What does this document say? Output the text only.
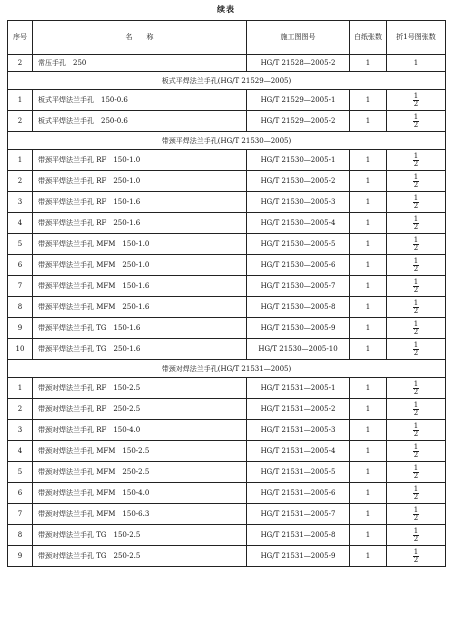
续表
序号	名　　称	施工图图号	白纸张数	折1号图张数
2	常压手孔　250	HG/T 21528—2005-2	1	1
板式平焊法兰手孔(HG/T 21529—2005)				
1	板式平焊法兰手孔　150-0.6	HG/T 21529—2005-1	1	$\frac{1}{2}$

2	板式平焊法兰手孔　250-0.6	HG/T 21529—2005-2	1	$\frac{1}{2}$

带颈平焊法兰手孔(HG/T 21530—2005)				
1	带颈平焊法兰手孔 RF　150-1.0	HG/T 21530—2005-1	1	$\frac{1}{2}$

2	带颈平焊法兰手孔 RF　250-1.0	HG/T 21530—2005-2	1	$\frac{1}{2}$

3	带颈平焊法兰手孔 RF　150-1.6	HG/T 21530—2005-3	1	$\frac{1}{2}$

4	带颈平焊法兰手孔 RF　250-1.6	HG/T 21530—2005-4	1	$\frac{1}{2}$

5	带颈平焊法兰手孔 MFM　150-1.0	HG/T 21530—2005-5	1	$\frac{1}{2}$

6	带颈平焊法兰手孔 MFM　250-1.0	HG/T 21530—2005-6	1	$\frac{1}{2}$

7	带颈平焊法兰手孔 MFM　150-1.6	HG/T 21530—2005-7	1	$\frac{1}{2}$

8	带颈平焊法兰手孔 MFM　250-1.6	HG/T 21530—2005-8	1	$\frac{1}{2}$

9	带颈平焊法兰手孔 TG　150-1.6	HG/T 21530—2005-9	1	$\frac{1}{2}$

10	带颈平焊法兰手孔 TG　250-1.6	HG/T 21530—2005-10	1	$\frac{1}{2}$

带颈对焊法兰手孔(HG/T 21531—2005)				
1	带颈对焊法兰手孔 RF　150-2.5	HG/T 21531—2005-1	1	$\frac{1}{2}$

2	带颈对焊法兰手孔 RF　250-2.5	HG/T 21531—2005-2	1	$\frac{1}{2}$

3	带颈对焊法兰手孔 RF　150-4.0	HG/T 21531—2005-3	1	$\frac{1}{2}$

4	带颈对焊法兰手孔 MFM　150-2.5	HG/T 21531—2005-4	1	$\frac{1}{2}$

5	带颈对焊法兰手孔 MFM　250-2.5	HG/T 21531—2005-5	1	$\frac{1}{2}$

6	带颈对焊法兰手孔 MFM　150-4.0	HG/T 21531—2005-6	1	$\frac{1}{2}$

7	带颈对焊法兰手孔 MFM　150-6.3	HG/T 21531—2005-7	1	$\frac{1}{2}$

8	带颈对焊法兰手孔 TG　150-2.5	HG/T 21531—2005-8	1	$\frac{1}{2}$

9	带颈对焊法兰手孔 TG　250-2.5	HG/T 21531—2005-9	1	$\frac{1}{2}$
